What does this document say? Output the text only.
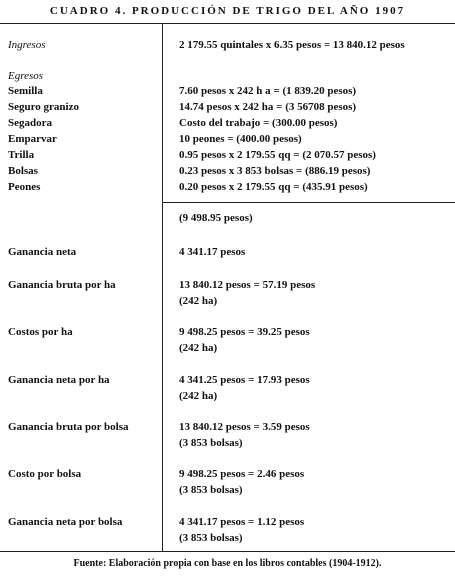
CUADRO 4. PRODUCCIÓN DE TRIGO DEL AÑO 1907
Ingresos	2 179.55 quintales x 6.35 pesos = 13 840.12 pesos
Egresos
Semilla	7.60 pesos x 242 h a = (1 839.20 pesos)
Seguro granizo	14.74 pesos x 242 ha = (3 56708 pesos)
Segadora	Costo del trabajo = (300.00 pesos)
Emparvar	10 peones = (400.00 pesos)
Trilla	0.95 pesos x 2 179.55 qq = (2 070.57 pesos)
Bolsas	0.23 pesos x 3 853 bolsas = (886.19 pesos)
Peones	0.20 pesos x 2 179.55 qq = (435.91 pesos)
(9 498.95 pesos)
Ganancia neta	4 341.17 pesos
Ganancia bruta por ha	13 840.12 pesos = 57.19 pesos
(242 ha)
Costos por ha	9 498.25 pesos = 39.25 pesos
(242 ha)
Ganancia neta por ha	4 341.25 pesos = 17.93 pesos
(242 ha)
Ganancia bruta por bolsa	13 840.12 pesos = 3.59 pesos
(3 853 bolsas)
Costo por bolsa	9 498.25 pesos = 2.46 pesos
(3 853 bolsas)
Ganancia neta por bolsa	4 341.17 pesos = 1.12 pesos
(3 853 bolsas)
Fuente: Elaboración propia con base en los libros contables (1904-1912).
